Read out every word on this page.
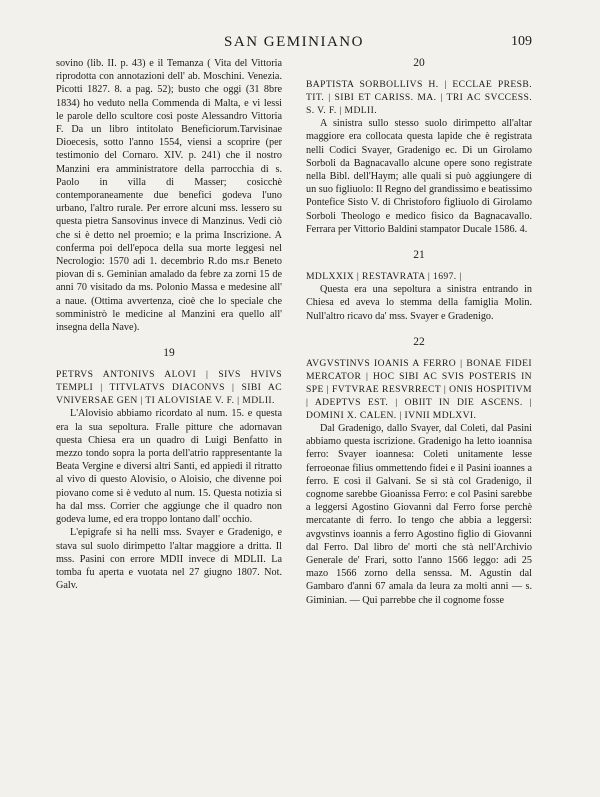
SAN GEMINIANO	109

sovino (lib. II. p. 43) e il Temanza ( Vita del Vittoria riprodotta con annotazioni dell' ab. Moschini. Venezia. Picotti 1827. 8. a pag. 52); busto che oggi (31 8bre 1834) ho veduto nella Commenda di Malta, e vi lessi le parole dello scultore così poste Alessandro Vittoria F. Da un libro intitolato Beneficiorum.Tarvisinae Dioecesis, sotto l'anno 1554, viensi a scoprire (per testimonio del Cornaro. XIV. p. 241) che il nostro Manzini era amministratore della parrocchia di s. Paolo in villa di Masser; cosicchè contemporaneamente due benefici godeva l'uno urbano, l'altro rurale. Per errore alcuni mss. lessero su questa pietra Sansovinus invece di Manzinus. Vedi ciò che si è detto nel proemio; e la prima Inscrizione. A conferma poi dell'epoca della sua morte leggesi nel Necrologio: 1570 adi 1. decembrio R.do ms.r Beneto piovan di s. Geminian amalado da febre za zorni 15 de anni 70 visitado da ms. Polonio Massa e medesine all' a naue. (Ottima avvertenza, cioè che lo speciale che somministrò le medicine al Manzini era quello all' insegna della Nave).

19

PETRVS ANTONIVS ALOVI | SIVS HVIVS TEMPLI | TITVLATVS DIACONVS | SIBI AC VNIVERSAE GEN | TI ALOVISIAE V. F. | MDLII.

L'Alovisio abbiamo ricordato al num. 15. e questa era la sua sepoltura. Fralle pitture che adornavan questa Chiesa era un quadro di Luigi Benfatto in mezzo tondo sopra la porta dell'atrio rappresentante la Beata Vergine e diversi altri Santi, ed appiedi il ritratto al vivo di questo Alovisio, o Aloisio, che divenne poi piovano come si è veduto al num. 15. Questa notizia si ha dal mss. Corrier che aggiunge che il quadro non godeva lume, ed era troppo lontano dall' occhio.

L'epigrafe si ha nelli mss. Svayer e Gradenigo, e stava sul suolo dirimpetto l'altar maggiore a dritta. Il mss. Pasini con errore MDII invece di MDLII. La tomba fu aperta e vuotata nel 27 giugno 1807. Not. Galv.

20

BAPTISTA SORBOLLIVS H. | ECCLAE PRESB. TIT. | SIBI ET CARISS. MA. | TRI AC SVCCESS. S. V. F. | MDLII.

A sinistra sullo stesso suolo dirimpetto all'altar maggiore era collocata questa lapide che è registrata nelli Codici Svayer, Gradenigo ec. Di un Girolamo Sorboli da Bagnacavallo alcune opere sono registrate nella Bibl. dell'Haym; alle quali si può aggiungere di un suo figliuolo: Il Regno del grandissimo e beatissimo Pontefice Sisto V. di Christoforo figliuolo di Girolamo Sorboli Theologo e medico fisico da Bagnacavallo. Ferrara per Vittorio Baldini stampator Ducale 1586. 4.

21

MDLXXIX | RESTAVRATA | 1697. |

Questa era una sepoltura a sinistra entrando in Chiesa ed aveva lo stemma della famiglia Molin. Null'altro ricavo da' mss. Svayer e Gradenigo.

22

AVGVSTINVS IOANIS A FERRO | BONAE FIDEI MERCATOR | HOC SIBI AC SVIS POSTERIS IN SPE | FVTVRAE RESVRRECT | ONIS HOSPITIVM | ADEPTVS EST. | OBIIT IN DIE ASCENS. | DOMINI X. CALEN. | IVNII MDLXVI.

Dal Gradenigo, dallo Svayer, dal Coleti, dal Pasini abbiamo questa iscrizione. Gradenigo ha letto ioannisa ferro: Svayer ioannesa: Coleti unitamente lesse ferroeonae filius ommettendo fidei e il Pasini ioannes a ferro. E così il Galvani. Se si stà col Gradenigo, il cognome sarebbe Gioanissa Ferro: e col Pasini sarebbe a leggersi Agostino Giovanni dal Ferro forse perchè mercatante di ferro. Io tengo che abbia a leggersi: avgvstinvs ioannis a ferro Agostino figlio di Giovanni dal Ferro. Dal libro de' morti che stà nell'Archivio Generale de' Frari, sotto l'anno 1566 leggo: adi 25 mazo 1566 zorno della senssa. M. Agustin dal Gambaro d'anni 67 amala da leura za molti anni — s. Giminian. — Qui parrebbe che il cognome fosse
